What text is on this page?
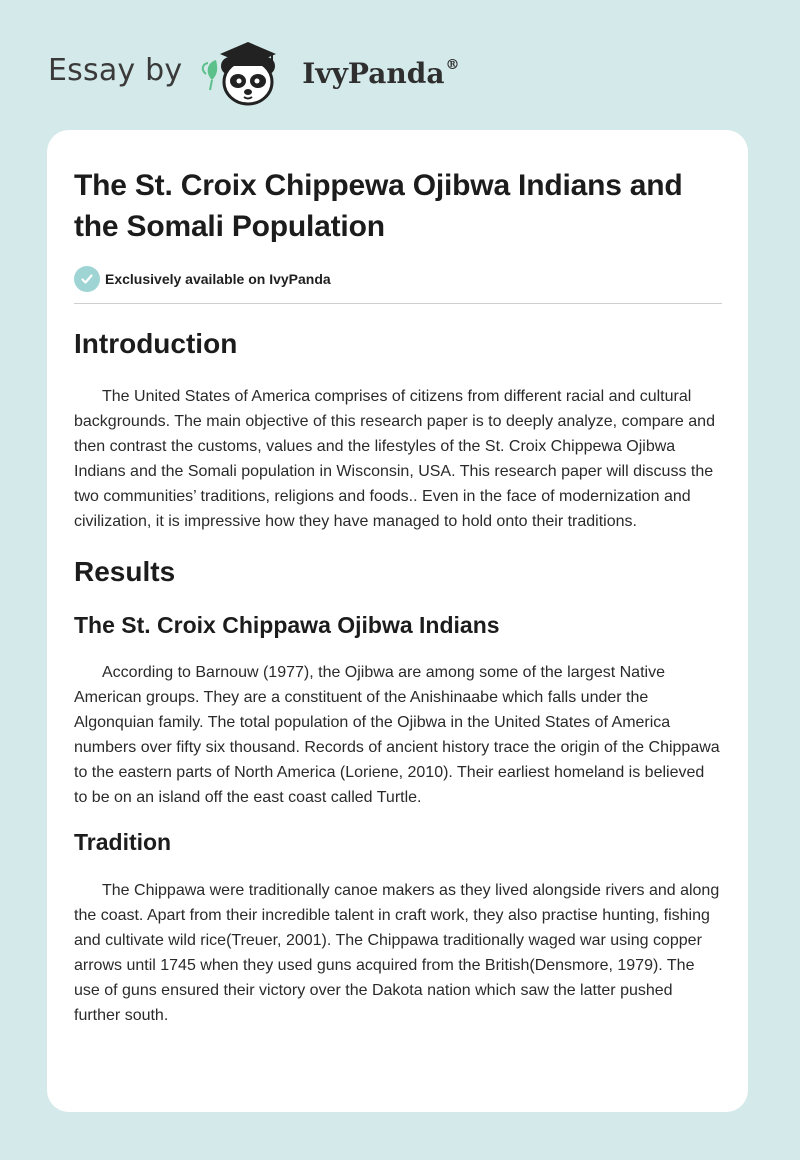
Essay by	IvyPanda®
The St. Croix Chippewa Ojibwa Indians and the Somali Population
Exclusively available on IvyPanda
Introduction

The United States of America comprises of citizens from different racial and cultural backgrounds. The main objective of this research paper is to deeply analyze, compare and then contrast the customs, values and the lifestyles of the St. Croix Chippewa Ojibwa Indians and the Somali population in Wisconsin, USA. This research paper will discuss the two communities’ traditions, religions and foods.. Even in the face of modernization and civilization, it is impressive how they have managed to hold onto their traditions.

Results
The St. Croix Chippawa Ojibwa Indians

According to Barnouw (1977), the Ojibwa are among some of the largest Native American groups. They are a constituent of the Anishinaabe which falls under the Algonquian family. The total population of the Ojibwa in the United States of America numbers over fifty six thousand. Records of ancient history trace the origin of the Chippawa to the eastern parts of North America (Loriene, 2010). Their earliest homeland is believed to be on an island off the east coast called Turtle.

Tradition

The Chippawa were traditionally canoe makers as they lived alongside rivers and along the coast. Apart from their incredible talent in craft work, they also practise hunting, fishing and cultivate wild rice(Treuer, 2001). The Chippawa traditionally waged war using copper arrows until 1745 when they used guns acquired from the British(Densmore, 1979). The use of guns ensured their victory over the Dakota nation which saw the latter pushed further south.
